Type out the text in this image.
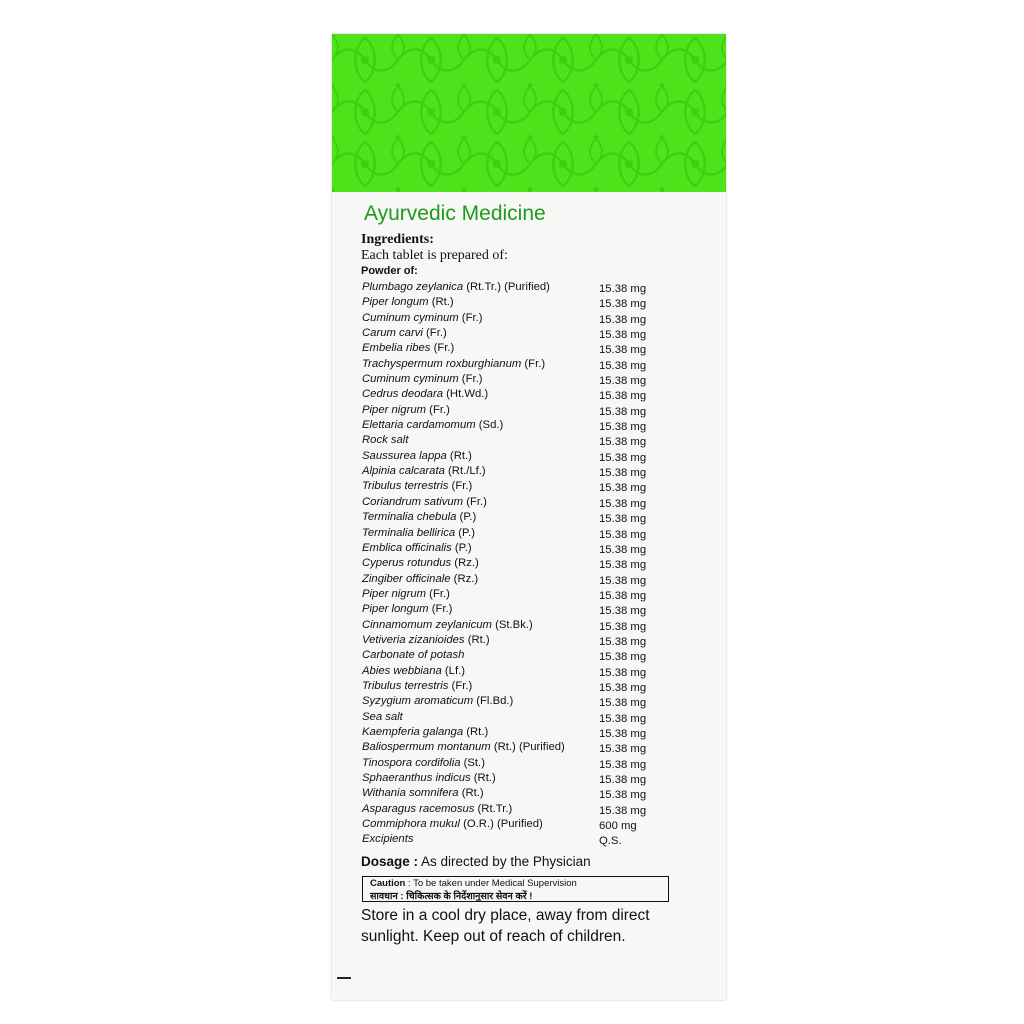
Ayurvedic Medicine
Ingredients:
Each tablet is prepared of:
Powder of:
Plumbago zeylanica (Rt.Tr.) (Purified)	15.38 mg
Piper longum (Rt.)	15.38 mg
Cuminum cyminum (Fr.)	15.38 mg
Carum carvi (Fr.)	15.38 mg
Embelia ribes (Fr.)	15.38 mg
Trachyspermum roxburghianum (Fr.)	15.38 mg
Cuminum cyminum (Fr.)	15.38 mg
Cedrus deodara (Ht.Wd.)	15.38 mg
Piper nigrum (Fr.)	15.38 mg
Elettaria cardamomum (Sd.)	15.38 mg
Rock salt	15.38 mg
Saussurea lappa (Rt.)	15.38 mg
Alpinia calcarata (Rt./Lf.)	15.38 mg
Tribulus terrestris (Fr.)	15.38 mg
Coriandrum sativum (Fr.)	15.38 mg
Terminalia chebula (P.)	15.38 mg
Terminalia bellirica (P.)	15.38 mg
Emblica officinalis (P.)	15.38 mg
Cyperus rotundus (Rz.)	15.38 mg
Zingiber officinale (Rz.)	15.38 mg
Piper nigrum (Fr.)	15.38 mg
Piper longum (Fr.)	15.38 mg
Cinnamomum zeylanicum (St.Bk.)	15.38 mg
Vetiveria zizanioides (Rt.)	15.38 mg
Carbonate of potash	15.38 mg
Abies webbiana (Lf.)	15.38 mg
Tribulus terrestris (Fr.)	15.38 mg
Syzygium aromaticum (Fl.Bd.)	15.38 mg
Sea salt	15.38 mg
Kaempferia galanga (Rt.)	15.38 mg
Baliospermum montanum (Rt.) (Purified)	15.38 mg
Tinospora cordifolia (St.)	15.38 mg
Sphaeranthus indicus (Rt.)	15.38 mg
Withania somnifera (Rt.)	15.38 mg
Asparagus racemosus (Rt.Tr.)	15.38 mg
Commiphora mukul (O.R.) (Purified)	600 mg
Excipients	Q.S.
Dosage : As directed by the Physician
Caution : To be taken under Medical Supervision
सावधान : चिकित्सक के निर्देशानुसार सेवन करें !
Store in a cool dry place, away from direct sunlight. Keep out of reach of children.
